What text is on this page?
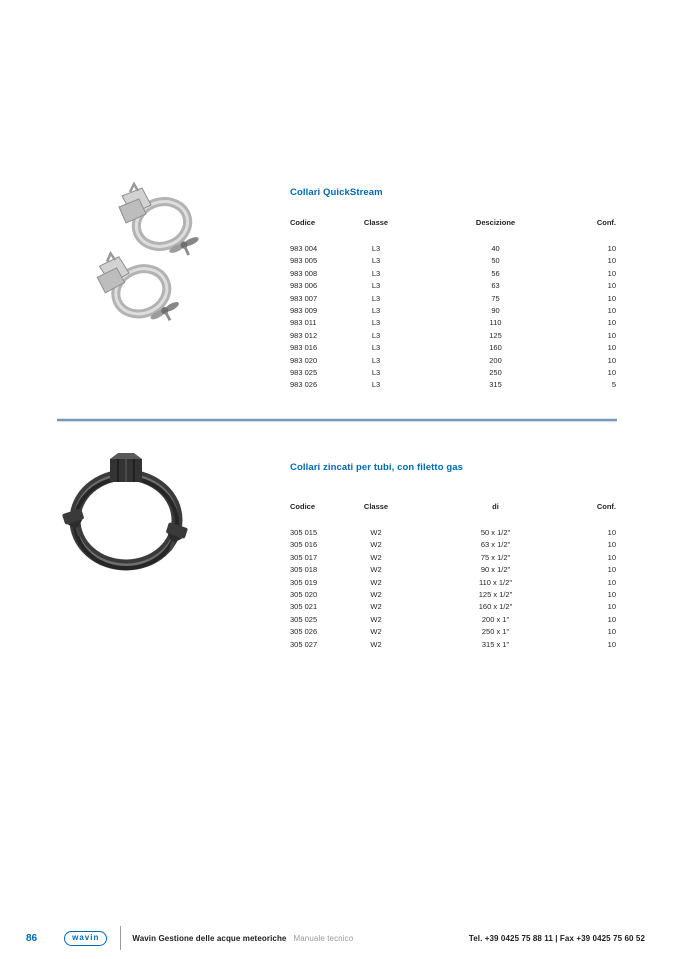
Collari QuickStream
Codice	Classe	Descizione	Conf.
983 004	L3	40	10
983 005	L3	50	10
983 008	L3	56	10
983 006	L3	63	10
983 007	L3	75	10
983 009	L3	90	10
983 011	L3	110	10
983 012	L3	125	10
983 016	L3	160	10
983 020	L3	200	10
983 025	L3	250	10
983 026	L3	315	5
Collari zincati per tubi, con filetto gas
Codice	Classe	di	Conf.
305 015	W2	50 x 1/2"	10
305 016	W2	63 x 1/2"	10
305 017	W2	75 x 1/2"	10
305 018	W2	90 x 1/2"	10
305 019	W2	110 x 1/2"	10
305 020	W2	125 x 1/2"	10
305 021	W2	160 x 1/2"	10
305 025	W2	200 x 1"	10
305 026	W2	250 x 1"	10
305 027	W2	315 x 1"	10
86	wavin	Wavin Gestione delle acque meteoriche Manuale tecnico	Tel. +39 0425 75 88 11 | Fax +39 0425 75 60 52
